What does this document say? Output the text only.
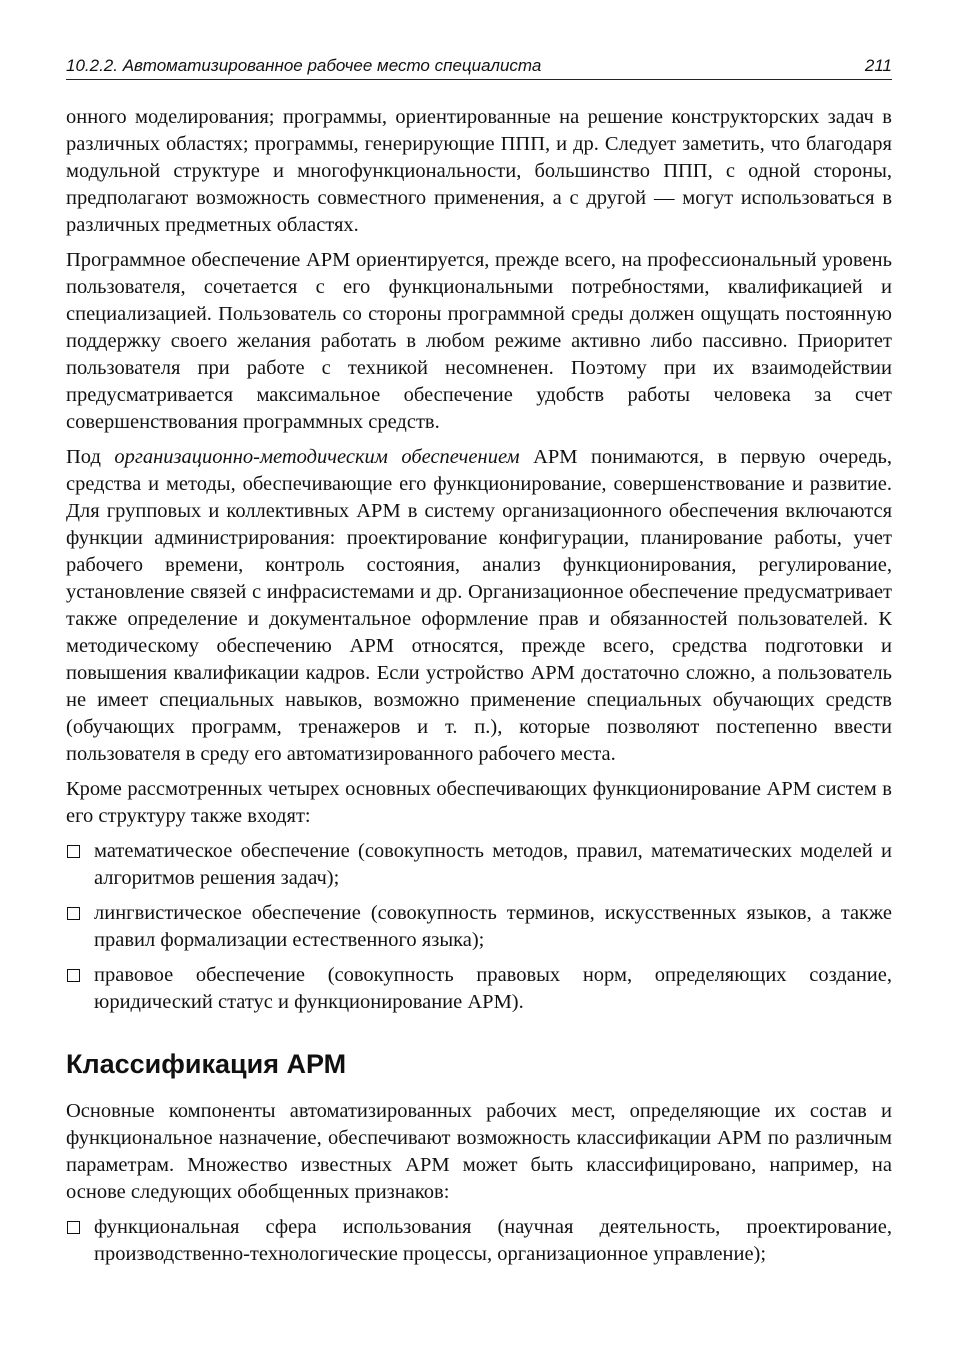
10.2.2. Автоматизированное рабочее место специалиста	211

онного моделирования; программы, ориентированные на решение конструкторских задач в различных областях; программы, генерирующие ППП, и др. Следует заметить, что благодаря модульной структуре и многофункциональности, большинство ППП, с одной стороны, предполагают возможность совместного применения, а с другой — могут использоваться в различных предметных областях.

Программное обеспечение АРМ ориентируется, прежде всего, на профессиональный уровень пользователя, сочетается с его функциональными потребностями, квалификацией и специализацией. Пользователь со стороны программной среды должен ощущать постоянную поддержку своего желания работать в любом режиме активно либо пассивно. Приоритет пользователя при работе с техникой несомненен. Поэтому при их взаимодействии предусматривается максимальное обеспечение удобств работы человека за счет совершенствования программных средств.

Под организационно-методическим обеспечением АРМ понимаются, в первую очередь, средства и методы, обеспечивающие его функционирование, совершенствование и развитие. Для групповых и коллективных АРМ в систему организационного обеспечения включаются функции администрирования: проектирование конфигурации, планирование работы, учет рабочего времени, контроль состояния, анализ функционирования, регулирование, установление связей с инфрасистемами и др. Организационное обеспечение предусматривает также определение и документальное оформление прав и обязанностей пользователей. К методическому обеспечению АРМ относятся, прежде всего, средства подготовки и повышения квалификации кадров. Если устройство АРМ достаточно сложно, а пользователь не имеет специальных навыков, возможно применение специальных обучающих средств (обучающих программ, тренажеров и т. п.), которые позволяют постепенно ввести пользователя в среду его автоматизированного рабочего места.

Кроме рассмотренных четырех основных обеспечивающих функционирование АРМ систем в его структуру также входят:

математическое обеспечение (совокупность методов, правил, математических моделей и алгоритмов решения задач);
лингвистическое обеспечение (совокупность терминов, искусственных языков, а также правил формализации естественного языка);
правовое обеспечение (совокупность правовых норм, определяющих создание, юридический статус и функционирование АРМ).
Классификация АРМ

Основные компоненты автоматизированных рабочих мест, определяющие их состав и функциональное назначение, обеспечивают возможность классификации АРМ по различным параметрам. Множество известных АРМ может быть классифицировано, например, на основе следующих обобщенных признаков:

функциональная сфера использования (научная деятельность, проектирование, производственно-технологические процессы, организационное управление);
